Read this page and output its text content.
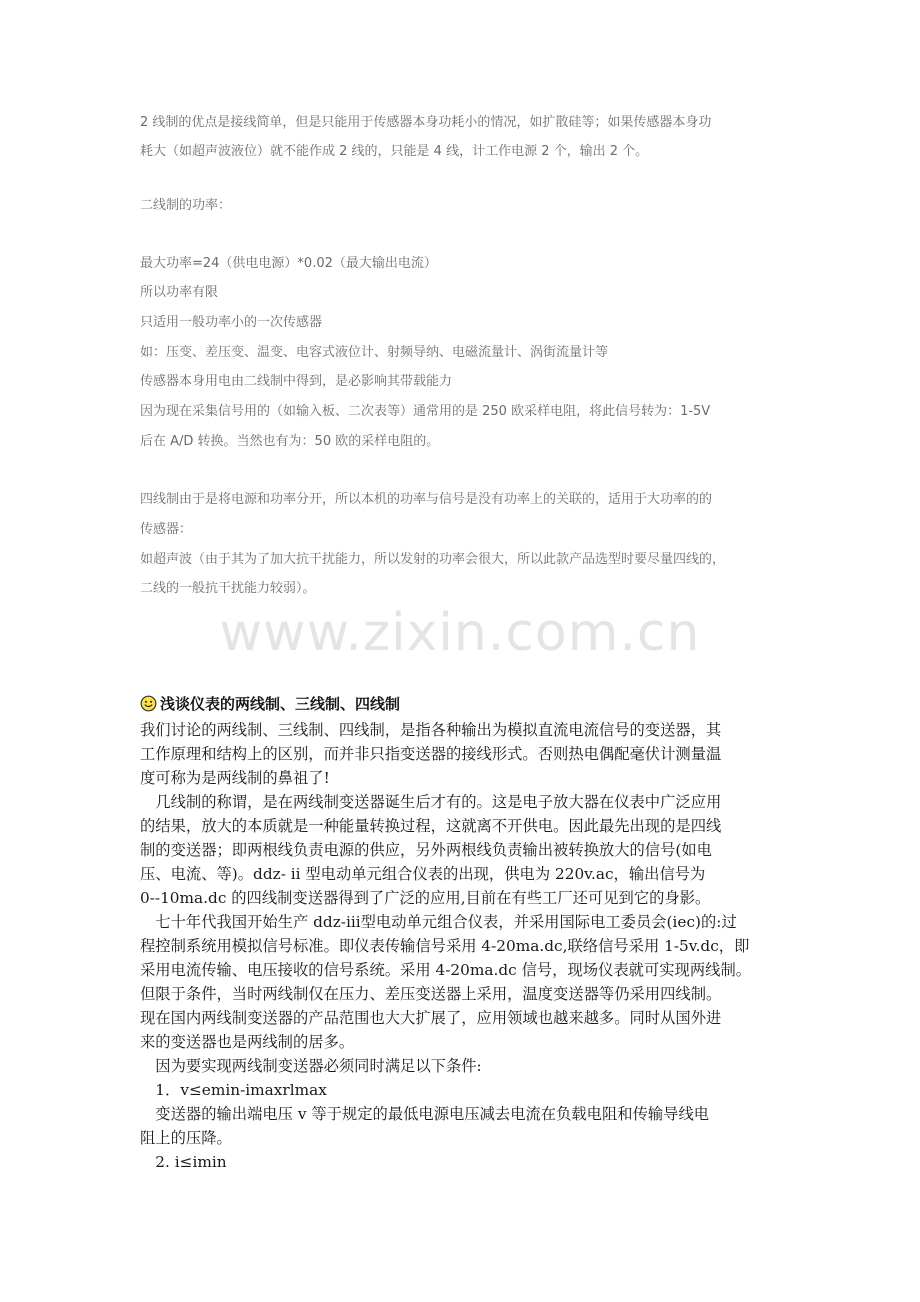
2 线制的优点是接线简单，但是只能用于传感器本身功耗小的情况，如扩散硅等；如果传感器本身功

耗大（如超声波液位）就不能作成 2 线的，只能是 4 线，计工作电源 2 个，输出 2 个。

二线制的功率：

最大功率=24（供电电源）*0.02（最大输出电流）

所以功率有限

只适用一般功率小的一次传感器

如：压变、差压变、温变、电容式液位计、射频导纳、电磁流量计、涡街流量计等

传感器本身用电由二线制中得到，是必影响其带载能力

因为现在采集信号用的（如输入板、二次表等）通常用的是 250 欧采样电阻，将此信号转为：1-5V

后在 A/D 转换。当然也有为：50 欧的采样电阻的。

四线制由于是将电源和功率分开，所以本机的功率与信号是没有功率上的关联的，适用于大功率的的

传感器：

如超声波（由于其为了加大抗干扰能力，所以发射的功率会很大，所以此款产品选型时要尽量四线的，

二线的一般抗干扰能力较弱）。

www.zixin.com.cn
浅谈仪表的两线制、三线制、四线制

我们讨论的两线制、三线制、四线制，是指各种输出为模拟直流电流信号的变送器，其

工作原理和结构上的区别，而并非只指变送器的接线形式。否则热电偶配毫伏计测量温

度可称为是两线制的鼻祖了!

　几线制的称谓，是在两线制变送器诞生后才有的。这是电子放大器在仪表中广泛应用

的结果，放大的本质就是一种能量转换过程，这就离不开供电。因此最先出现的是四线

制的变送器；即两根线负责电源的供应，另外两根线负责输出被转换放大的信号(如电

压、电流、等)。ddz- ii 型电动单元组合仪表的出现，供电为 220v.ac，输出信号为

0--10ma.dc 的四线制变送器得到了广泛的应用,目前在有些工厂还可见到它的身影。

　七十年代我国开始生产 ddz-iii型电动单元组合仪表，并采用国际电工委员会(iec)的:过

程控制系统用模拟信号标准。即仪表传输信号采用 4-20ma.dc,联络信号采用 1-5v.dc，即

采用电流传输、电压接收的信号系统。采用 4-20ma.dc 信号，现场仪表就可实现两线制。

但限于条件，当时两线制仅在压力、差压变送器上采用，温度变送器等仍采用四线制。

现在国内两线制变送器的产品范围也大大扩展了，应用领域也越来越多。同时从国外进

来的变送器也是两线制的居多。

　因为要实现两线制变送器必须同时满足以下条件:

　1．v≤emin-imaxrlmax

　变送器的输出端电压 v 等于规定的最低电源电压减去电流在负载电阻和传输导线电

阻上的压降。

　2. i≤imin
